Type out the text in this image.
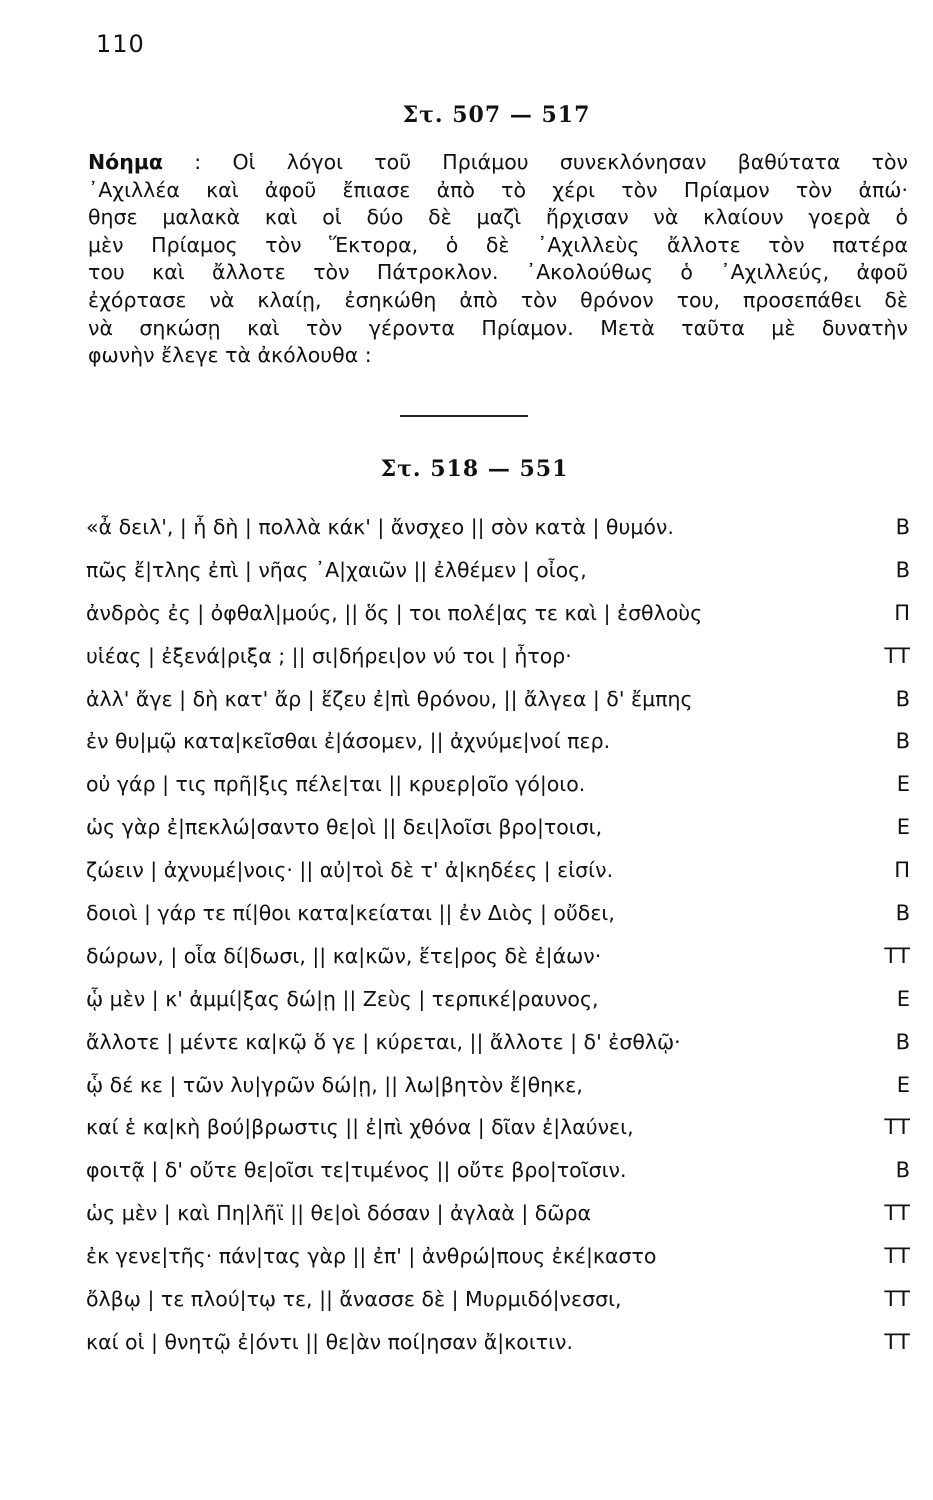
110
Στ. 507 — 517
Νόημα : Οἱ λόγοι τοῦ Πριάμου συνεκλόνησαν βαθύτατα τὸν
᾿Αχιλλέα καὶ ἀφοῦ ἔπιασε ἀπὸ τὸ χέρι τὸν Πρίαμον τὸν ἀπώ·
θησε μαλακὰ καὶ οἱ δύο δὲ μαζὶ ἤρχισαν νὰ κλαίουν γοερὰ ὁ
μὲν Πρίαμος τὸν Ἕκτορα, ὁ δὲ ᾿Αχιλλεὺς ἄλλοτε τὸν πατέρα
του καὶ ἄλλοτε τὸν Πάτροκλον. ᾿Ακολούθως ὁ ᾿Αχιλλεύς, ἀφοῦ
ἐχόρτασε νὰ κλαίῃ, ἐσηκώθη ἀπὸ τὸν θρόνον του, προσεπάθει δὲ
νὰ σηκώσῃ καὶ τὸν γέροντα Πρίαμον. Μετὰ ταῦτα μὲ δυνατὴν
φωνὴν ἔλεγε τὰ ἀκόλουθα :
Στ. 518 — 551
«ἆ δειλ', | ἦ δὴ | πολλὰ κάκ' | ἄνσχεο || σὸν κατὰ | θυμόν.	Β
πῶς ἔ|τλης ἐπὶ | νῆας ᾿Α|χαιῶν || ἐλθέμεν | οἶος,	Β
ἀνδρὸς ἐς | ὀφθαλ|μούς, || ὅς | τοι πολέ|ας τε καὶ | ἐσθλοὺς	Π
υἱέας | ἐξενά|ριξα ; || σι|δήρει|ον νύ τοι | ἦτορ·	ΤΤ
ἀλλ' ἄγε | δὴ κατ' ἄρ | ἕζευ ἐ|πὶ θρόνου, || ἄλγεα | δ' ἔμπης	Β
ἐν θυ|μῷ κατα|κεῖσθαι ἐ|άσομεν, || ἀχνύμε|νοί περ.	Β
οὐ γάρ | τις πρῆ|ξις πέλε|ται || κρυερ|οῖο γό|οιο.	Ε
ὡς γὰρ ἐ|πεκλώ|σαντο θε|οὶ || δει|λοῖσι βρο|τοισι,	Ε
ζώειν | ἀχνυμέ|νοις· || αὐ|τοὶ δὲ τ' ἀ|κηδέες | εἰσίν.	Π
δοιοὶ | γάρ τε πί|θοι κατα|κείαται || ἐν Διὸς | οὔδει,	Β
δώρων, | οἷα δί|δωσι, || κα|κῶν, ἕτε|ρος δὲ ἐ|άων·	ΤΤ
ᾧ μὲν | κ' ἀμμί|ξας δώ|ῃ || Ζεὺς | τερπικέ|ραυνος,	Ε
ἄλλοτε | μέντε κα|κῷ ὅ γε | κύρεται, || ἄλλοτε | δ' ἐσθλῷ·	Β
ᾧ δέ κε | τῶν λυ|γρῶν δώ|ῃ, || λω|βητὸν ἔ|θηκε,	Ε
καί ἑ κα|κὴ βού|βρωστις || ἐ|πὶ χθόνα | δῖαν ἐ|λαύνει,	ΤΤ
φοιτᾷ | δ' οὔτε θε|οῖσι τε|τιμένος || οὔτε βρο|τοῖσιν.	Β
ὡς μὲν | καὶ Πη|λῆϊ || θε|οὶ δόσαν | ἀγλαὰ | δῶρα	ΤΤ
ἐκ γενε|τῆς· πάν|τας γὰρ || ἐπ' | ἀνθρώ|πους ἐκέ|καστο	ΤΤ
ὄλβῳ | τε πλού|τῳ τε, || ἄνασσε δὲ | Μυρμιδό|νεσσι,	ΤΤ
καί οἱ | θνητῷ ἐ|όντι || θε|ὰν ποί|ησαν ἄ|κοιτιν.	ΤΤ
